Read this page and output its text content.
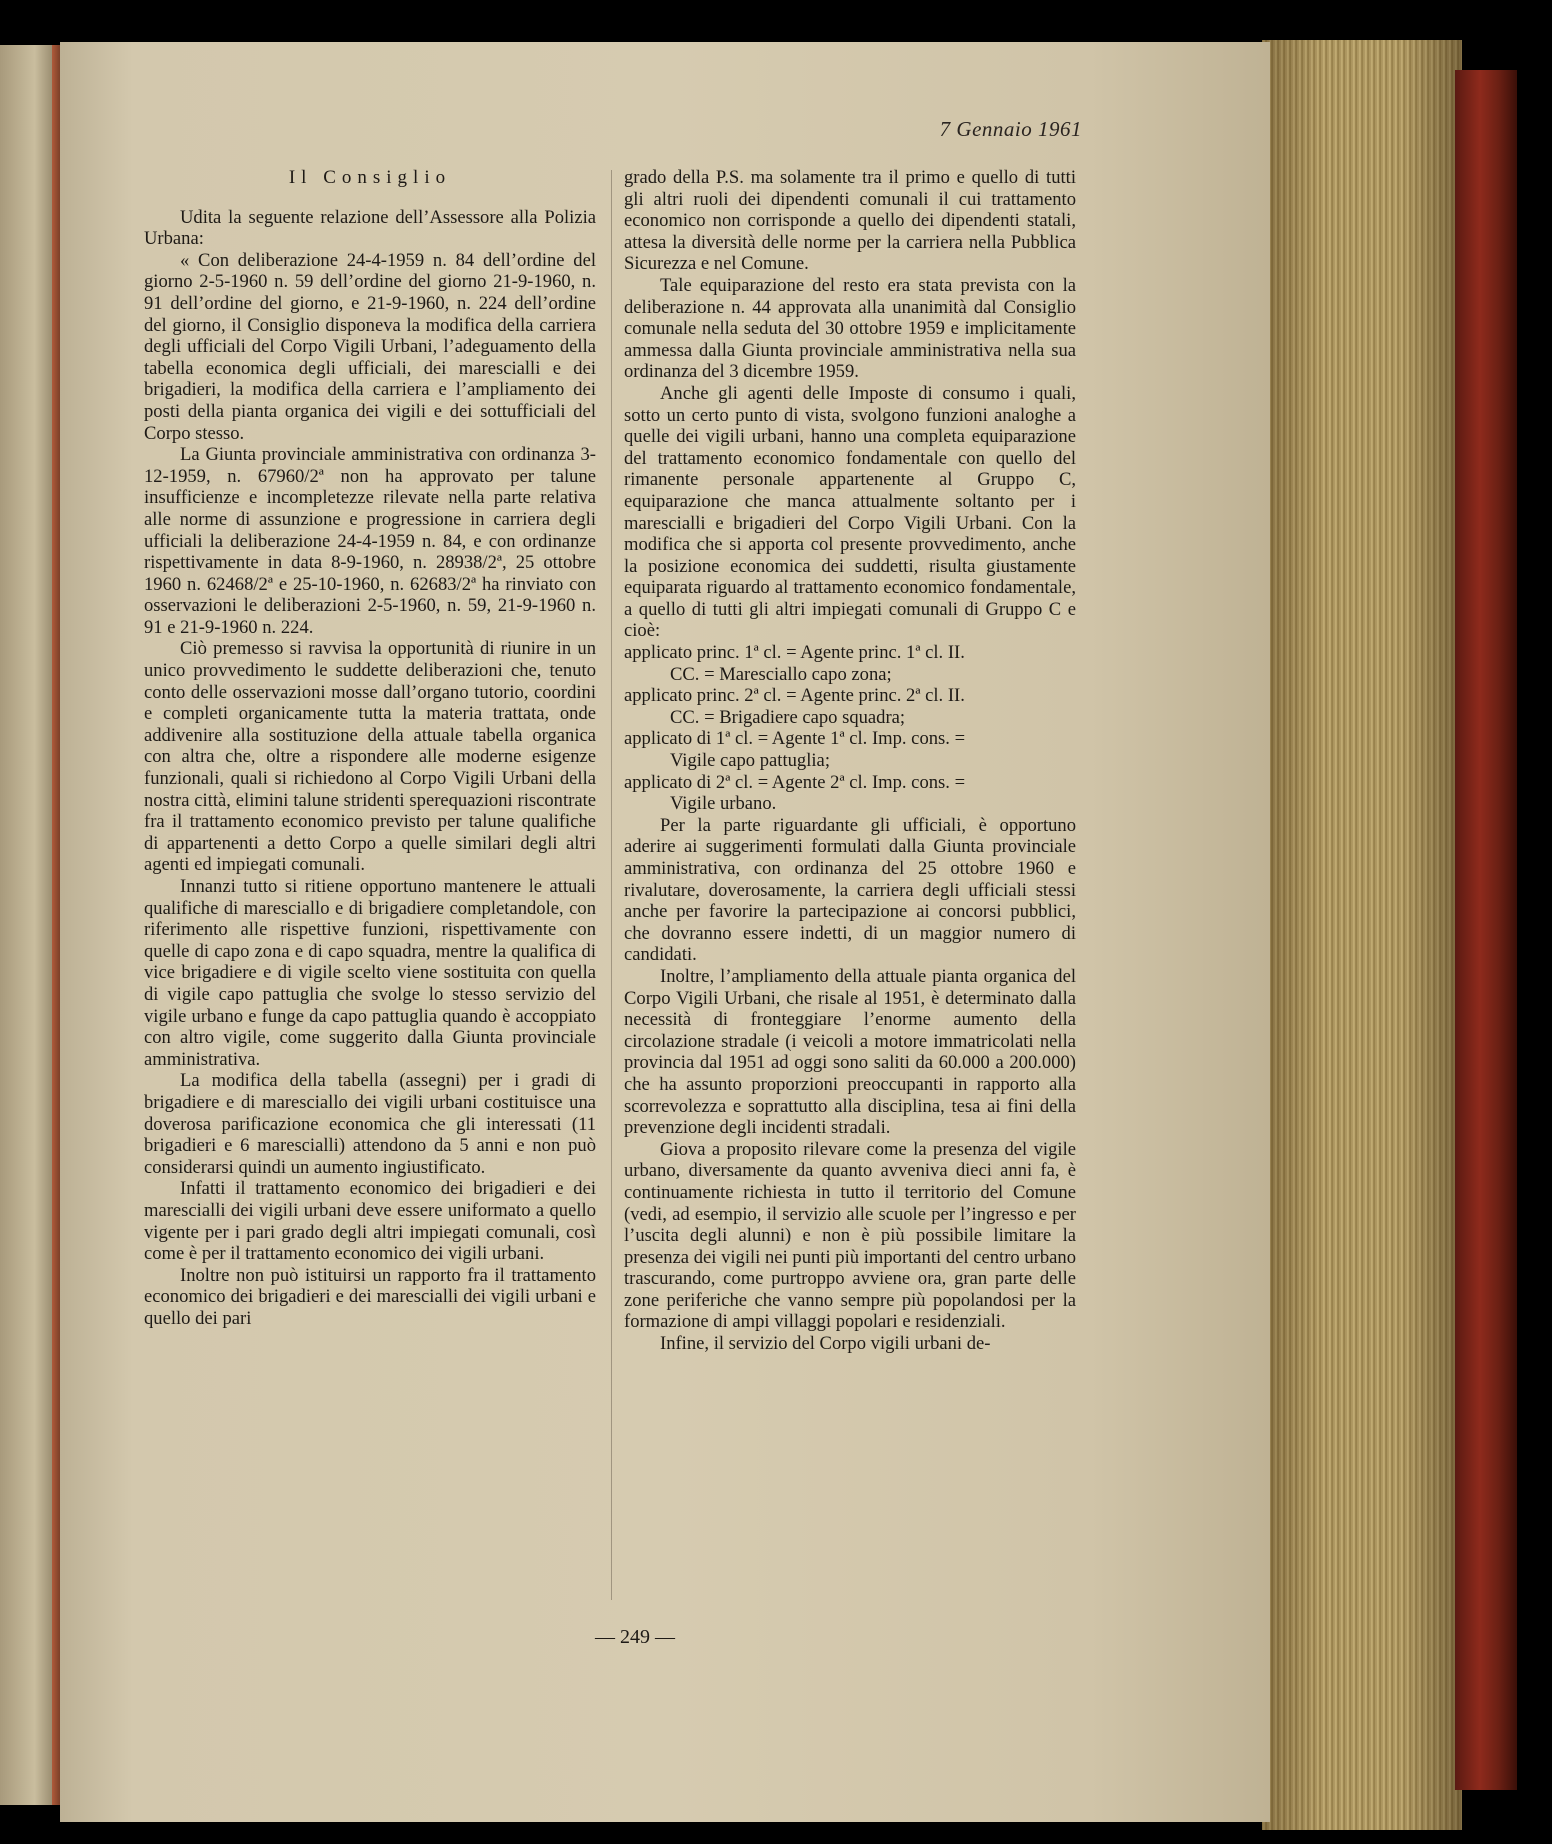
7 Gennaio 1961

Il Consiglio

Udita la seguente relazione dell’Assessore alla Polizia Urbana:

« Con deliberazione 24-4-1959 n. 84 dell’ordine del giorno 2-5-1960 n. 59 dell’ordine del giorno 21-9-1960, n. 91 dell’ordine del giorno, e 21-9-1960, n. 224 dell’ordine del giorno, il Consiglio disponeva la modifica della carriera degli ufficiali del Corpo Vigili Urbani, l’adeguamento della tabella economica degli ufficiali, dei marescialli e dei brigadieri, la modifica della carriera e l’ampliamento dei posti della pianta organica dei vigili e dei sottufficiali del Corpo stesso.

La Giunta provinciale amministrativa con ordinanza 3-12-1959, n. 67960/2ª non ha approvato per talune insufficienze e incompletezze rilevate nella parte relativa alle norme di assunzione e progressione in carriera degli ufficiali la deliberazione 24-4-1959 n. 84, e con ordinanze rispettivamente in data 8-9-1960, n. 28938/2ª, 25 ottobre 1960 n. 62468/2ª e 25-10-1960, n. 62683/2ª ha rinviato con osservazioni le deliberazioni 2-5-1960, n. 59, 21-9-1960 n. 91 e 21-9-1960 n. 224.

Ciò premesso si ravvisa la opportunità di riunire in un unico provvedimento le suddette deliberazioni che, tenuto conto delle osservazioni mosse dall’organo tutorio, coordini e completi organicamente tutta la materia trattata, onde addivenire alla sostituzione della attuale tabella organica con altra che, oltre a rispondere alle moderne esigenze funzionali, quali si richiedono al Corpo Vigili Urbani della nostra città, elimini talune stridenti sperequazioni riscontrate fra il trattamento economico previsto per talune qualifiche di appartenenti a detto Corpo a quelle similari degli altri agenti ed impiegati comunali.

Innanzi tutto si ritiene opportuno mantenere le attuali qualifiche di maresciallo e di brigadiere completandole, con riferimento alle rispettive funzioni, rispettivamente con quelle di capo zona e di capo squadra, mentre la qualifica di vice brigadiere e di vigile scelto viene sostituita con quella di vigile capo pattuglia che svolge lo stesso servizio del vigile urbano e funge da capo pattuglia quando è accoppiato con altro vigile, come suggerito dalla Giunta provinciale amministrativa.

La modifica della tabella (assegni) per i gradi di brigadiere e di maresciallo dei vigili urbani costituisce una doverosa parificazione economica che gli interessati (11 brigadieri e 6 marescialli) attendono da 5 anni e non può considerarsi quindi un aumento ingiustificato.

Infatti il trattamento economico dei brigadieri e dei marescialli dei vigili urbani deve essere uniformato a quello vigente per i pari grado degli altri impiegati comunali, così come è per il trattamento economico dei vigili urbani.

Inoltre non può istituirsi un rapporto fra il trattamento economico dei brigadieri e dei marescialli dei vigili urbani e quello dei pari

grado della P.S. ma solamente tra il primo e quello di tutti gli altri ruoli dei dipendenti comunali il cui trattamento economico non corrisponde a quello dei dipendenti statali, attesa la diversità delle norme per la carriera nella Pubblica Sicurezza e nel Comune.

Tale equiparazione del resto era stata prevista con la deliberazione n. 44 approvata alla unanimità dal Consiglio comunale nella seduta del 30 ottobre 1959 e implicitamente ammessa dalla Giunta provinciale amministrativa nella sua ordinanza del 3 dicembre 1959.

Anche gli agenti delle Imposte di consumo i quali, sotto un certo punto di vista, svolgono funzioni analoghe a quelle dei vigili urbani, hanno una completa equiparazione del trattamento economico fondamentale con quello del rimanente personale appartenente al Gruppo C, equiparazione che manca attualmente soltanto per i marescialli e brigadieri del Corpo Vigili Urbani. Con la modifica che si apporta col presente provvedimento, anche la posizione economica dei suddetti, risulta giustamente equiparata riguardo al trattamento economico fondamentale, a quello di tutti gli altri impiegati comunali di Gruppo C e cioè:

applicato princ. 1ª cl. = Agente princ. 1ª cl. II.

CC. = Maresciallo capo zona;

applicato princ. 2ª cl. = Agente princ. 2ª cl. II.

CC. = Brigadiere capo squadra;

applicato di 1ª cl. = Agente 1ª cl. Imp. cons. =

Vigile capo pattuglia;

applicato di 2ª cl. = Agente 2ª cl. Imp. cons. =

Vigile urbano.

Per la parte riguardante gli ufficiali, è opportuno aderire ai suggerimenti formulati dalla Giunta provinciale amministrativa, con ordinanza del 25 ottobre 1960 e rivalutare, doverosamente, la carriera degli ufficiali stessi anche per favorire la partecipazione ai concorsi pubblici, che dovranno essere indetti, di un maggior numero di candidati.

Inoltre, l’ampliamento della attuale pianta organica del Corpo Vigili Urbani, che risale al 1951, è determinato dalla necessità di fronteggiare l’enorme aumento della circolazione stradale (i veicoli a motore immatricolati nella provincia dal 1951 ad oggi sono saliti da 60.000 a 200.000) che ha assunto proporzioni preoccupanti in rapporto alla scorrevolezza e soprattutto alla disciplina, tesa ai fini della prevenzione degli incidenti stradali.

Giova a proposito rilevare come la presenza del vigile urbano, diversamente da quanto avveniva dieci anni fa, è continuamente richiesta in tutto il territorio del Comune (vedi, ad esempio, il servizio alle scuole per l’ingresso e per l’uscita degli alunni) e non è più possibile limitare la presenza dei vigili nei punti più importanti del centro urbano trascurando, come purtroppo avviene ora, gran parte delle zone periferiche che vanno sempre più popolandosi per la formazione di ampi villaggi popolari e residenziali.

Infine, il servizio del Corpo vigili urbani de-

— 249 —
